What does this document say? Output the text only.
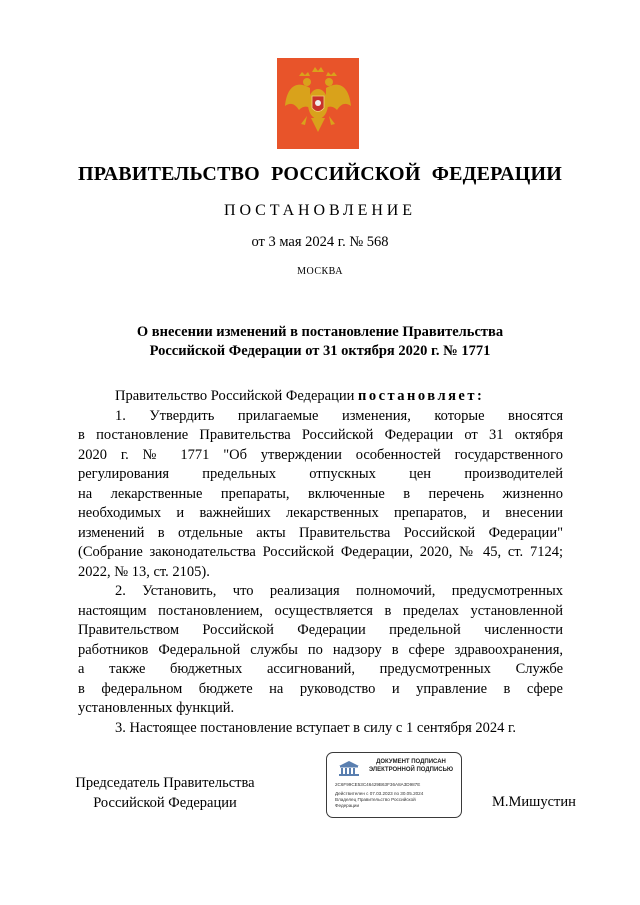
ПРАВИТЕЛЬСТВО РОССИЙСКОЙ ФЕДЕРАЦИИ
ПОСТАНОВЛЕНИЕ
от 3 мая 2024 г. № 568
МОСКВА
О внесении изменений в постановление Правительства
Российской Федерации от 31 октября 2020 г. № 1771
Правительство Российской Федерации постановляет:
1. Утвердить прилагаемые изменения, которые вносятся
в постановление Правительства Российской Федерации от 31 октября
2020 г. № 1771 "Об утверждении особенностей государственного
регулирования предельных отпускных цен производителей
на лекарственные препараты, включенные в перечень жизненно
необходимых и важнейших лекарственных препаратов, и внесении
изменений в отдельные акты Правительства Российской Федерации"
(Собрание законодательства Российской Федерации, 2020, № 45, ст. 7124;
2022, № 13, ст. 2105).
2. Установить, что реализация полномочий, предусмотренных
настоящим постановлением, осуществляется в пределах установленной
Правительством Российской Федерации предельной численности
работников Федеральной службы по надзору в сфере здравоохранения,
а также бюджетных ассигнований, предусмотренных Службе
в федеральном бюджете на руководство и управление в сфере
установленных функций.
3. Настоящее постановление вступает в силу с 1 сентября 2024 г.
Председатель Правительства
Российской Федерации
ДОКУМЕНТ ПОДПИСАН
ЭЛЕКТРОННОЙ ПОДПИСЬЮ
2C6F99CE53C46429B63F36A8A3D987E
Действителен с 07.03.2023 по 30.05.2024
Владелец Правительство Российской
Федерации	М.Мишустин
